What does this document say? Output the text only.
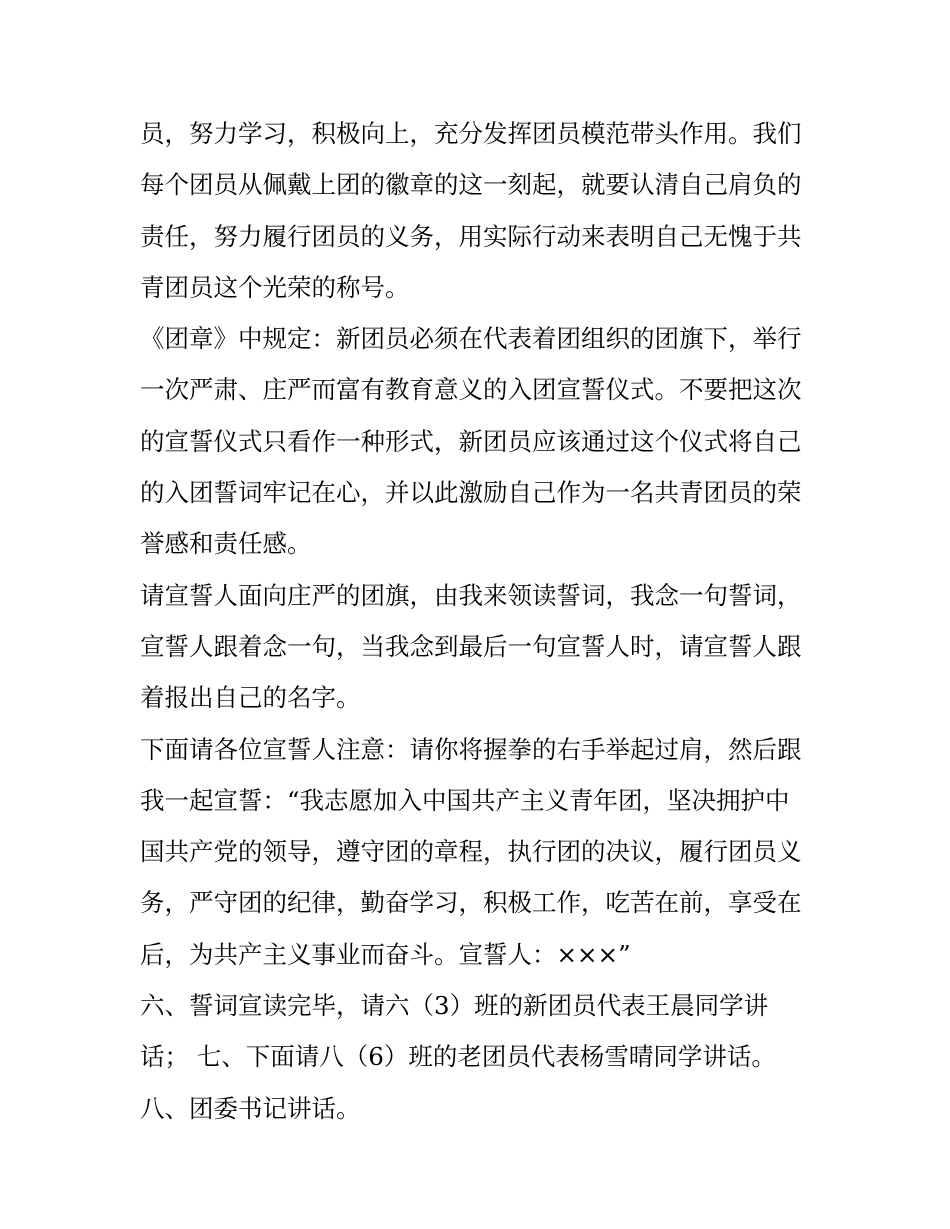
员，努力学习，积极向上，充分发挥团员模范带头作用。我们
每个团员从佩戴上团的徽章的这一刻起，就要认清自己肩负的
责任，努力履行团员的义务，用实际行动来表明自己无愧于共
青团员这个光荣的称号。
《团章》中规定：新团员必须在代表着团组织的团旗下，举行
一次严肃、庄严而富有教育意义的入团宣誓仪式。不要把这次
的宣誓仪式只看作一种形式，新团员应该通过这个仪式将自己
的入团誓词牢记在心，并以此激励自己作为一名共青团员的荣
誉感和责任感。
请宣誓人面向庄严的团旗，由我来领读誓词，我念一句誓词，
宣誓人跟着念一句，当我念到最后一句宣誓人时，请宣誓人跟
着报出自己的名字。
下面请各位宣誓人注意：请你将握拳的右手举起过肩，然后跟
我一起宣誓：“我志愿加入中国共产主义青年团，坚决拥护中
国共产党的领导，遵守团的章程，执行团的决议，履行团员义
务，严守团的纪律，勤奋学习，积极工作，吃苦在前，享受在
后，为共产主义事业而奋斗。宣誓人：×××”
六、誓词宣读完毕，请六（3）班的新团员代表王晨同学讲
话； 七、下面请八（6）班的老团员代表杨雪晴同学讲话。
八、团委书记讲话。
